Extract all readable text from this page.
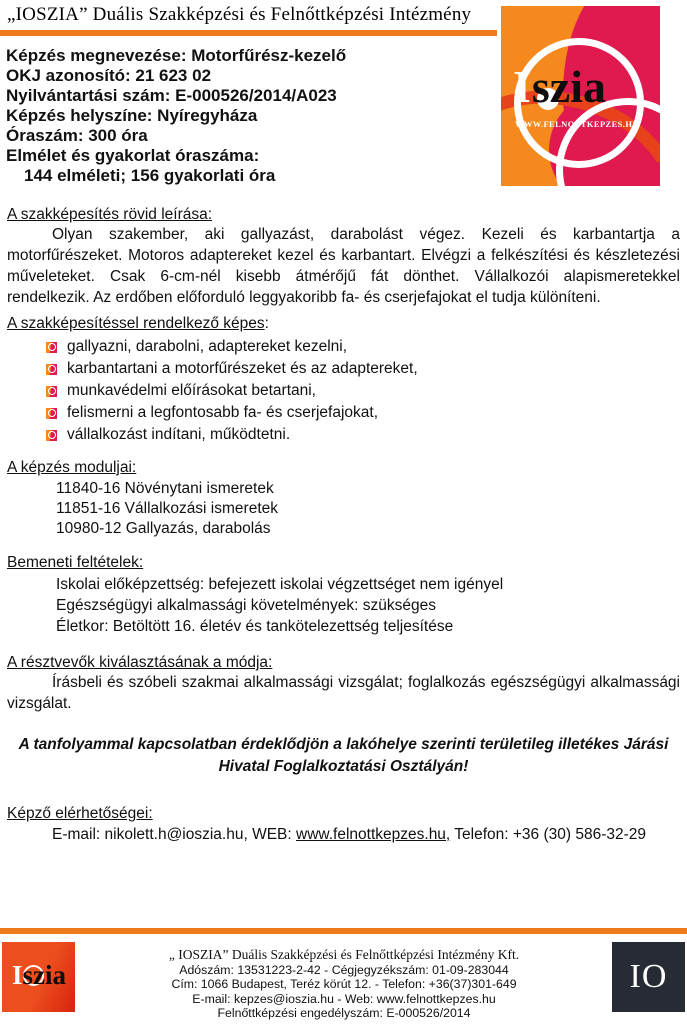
„IOSZIA” Duális Szakképzési és Felnőttképzési Intézmény
Képzés megnevezése: Motorfűrész-kezelő
OKJ azonosító: 21 623 02
Nyilvántartási szám: E-000526/2014/A023
Képzés helyszíne: Nyíregyháza
Óraszám: 300 óra
Elmélet és gyakorlat óraszáma:
144 elméleti; 156 gyakorlati óra
Iszia
WWW.FELNOTTKEPZES.HU

A szakképesítés rövid leírása:

Olyan szakember, aki gallyazást, darabolást végez. Kezeli és karbantartja a motorfűrészeket. Motoros adaptereket kezel és karbantart. Elvégzi a felkészítési és készletezési műveleteket. Csak 6-cm-nél kisebb átmérőjű fát dönthet. Vállalkozói alapismeretekkel rendelkezik. Az erdőben előforduló leggyakoribb fa- és cserjefajokat el tudja különíteni.

A szakképesítéssel rendelkező képes:

gallyazni, darabolni, adaptereket kezelni,
karbantartani a motorfűrészeket és az adaptereket,
munkavédelmi előírásokat betartani,
felismerni a legfontosabb fa- és cserjefajokat,
vállalkozást indítani, működtetni.

A képzés moduljai:

11840-16 Növénytani ismeretek
11851-16 Vállalkozási ismeretek
10980-12 Gallyazás, darabolás

Bemeneti feltételek:

Iskolai előképzettség: befejezett iskolai végzettséget nem igényel
Egészségügyi alkalmassági követelmények: szükséges
Életkor: Betöltött 16. életév és tankötelezettség teljesítése

A résztvevők kiválasztásának a módja:

Írásbeli és szóbeli szakmai alkalmassági vizsgálat; foglalkozás egészségügyi alkalmassági vizsgálat.

A tanfolyammal kapcsolatban érdeklődjön a lakóhelye szerinti területileg illetékes Járási Hivatal Foglalkoztatási Osztályán!

Képző elérhetőségei:

E-mail: nikolett.h@ioszia.hu, WEB: www.felnottkepzes.hu, Telefon: +36 (30) 586-32-29

Iszia
„ IOSZIA” Duális Szakképzési és Felnőttképzési Intézmény Kft.
Adószám: 13531223-2-42 - Cégjegyzékszám: 01-09-283044
Cím: 1066 Budapest, Teréz körút 12. - Telefon: +36(37)301-649
E-mail: kepzes@ioszia.hu - Web: www.felnottkepzes.hu
Felnőttképzési engedélyszám: E-000526/2014
IO
